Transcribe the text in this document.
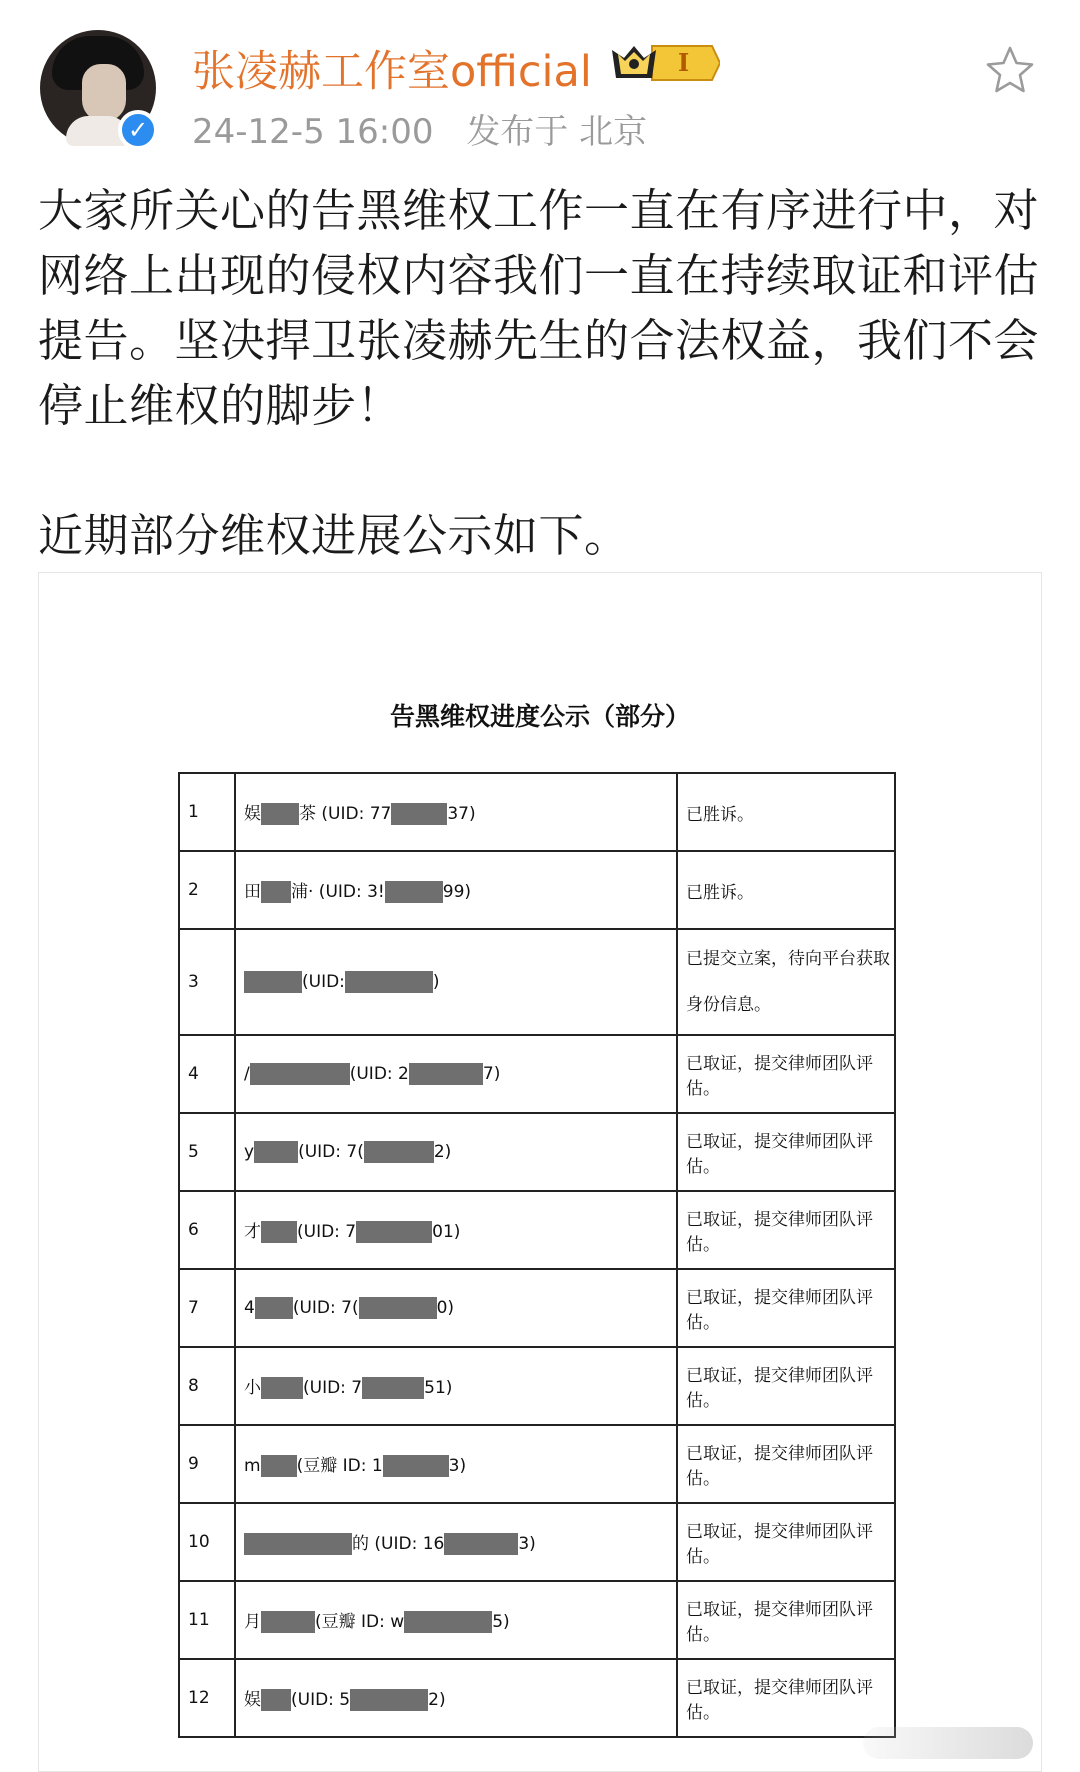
✓
张凌赫工作室official	I
24-12-5 16:00 发布于 北京

大家所关心的告黑维权工作一直在有序进行中，对网络上出现的侵权内容我们一直在持续取证和评估提告。坚决捍卫张凌赫先生的合法权益，我们不会停止维权的脚步！

近期部分维权进展公示如下。

告黑维权进度公示（部分）
1	娱 茶 (UID: 77 37)	已胜诉。
2	田 浦· (UID: 3! 99)	已胜诉。
3	(UID: )	已提交立案，待向平台获取身份信息。
4	/ (UID: 2 7)	已取证，提交律师团队评估。
5	y (UID: 7( 2)	已取证，提交律师团队评估。
6	才 (UID: 7 01)	已取证，提交律师团队评估。
7	4 (UID: 7( 0)	已取证，提交律师团队评估。
8	小 (UID: 7 51)	已取证，提交律师团队评估。
9	m (豆瓣 ID: 1 3)	已取证，提交律师团队评估。
10	的 (UID: 16 3)	已取证，提交律师团队评估。
11	月 (豆瓣 ID: w 5)	已取证，提交律师团队评估。
12	娱 (UID: 5 2)	已取证，提交律师团队评估。
